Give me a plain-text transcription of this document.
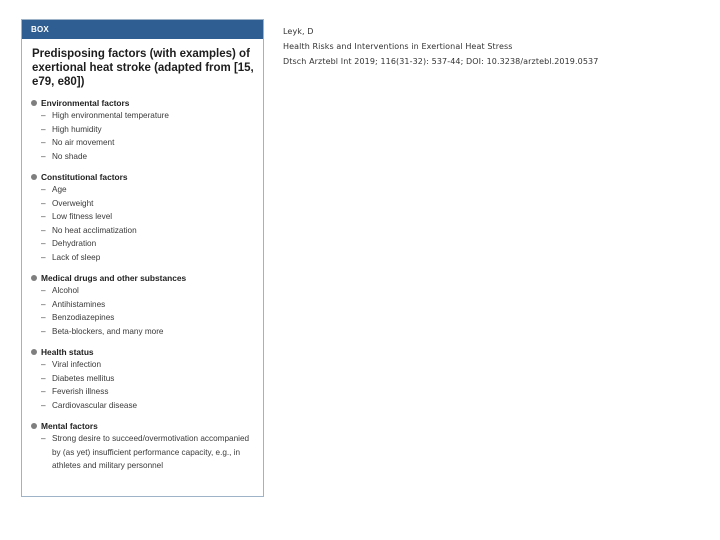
BOX
Predisposing factors (with examples) of exertional heat stroke (adapted from [15, e79, e80])
Environmental factors
– High environmental temperature
– High humidity
– No air movement
– No shade
Constitutional factors
– Age
– Overweight
– Low fitness level
– No heat acclimatization
– Dehydration
– Lack of sleep
Medical drugs and other substances
– Alcohol
– Antihistamines
– Benzodiazepines
– Beta-blockers, and many more
Health status
– Viral infection
– Diabetes mellitus
– Feverish illness
– Cardiovascular disease
Mental factors
– Strong desire to succeed/overmotivation accompanied by (as yet) insufficient performance capacity, e.g., in athletes and military personnel
Leyk, D
Health Risks and Interventions in Exertional Heat Stress
Dtsch Arztebl Int 2019; 116(31-32): 537-44; DOI: 10.3238/arztebl.2019.0537
